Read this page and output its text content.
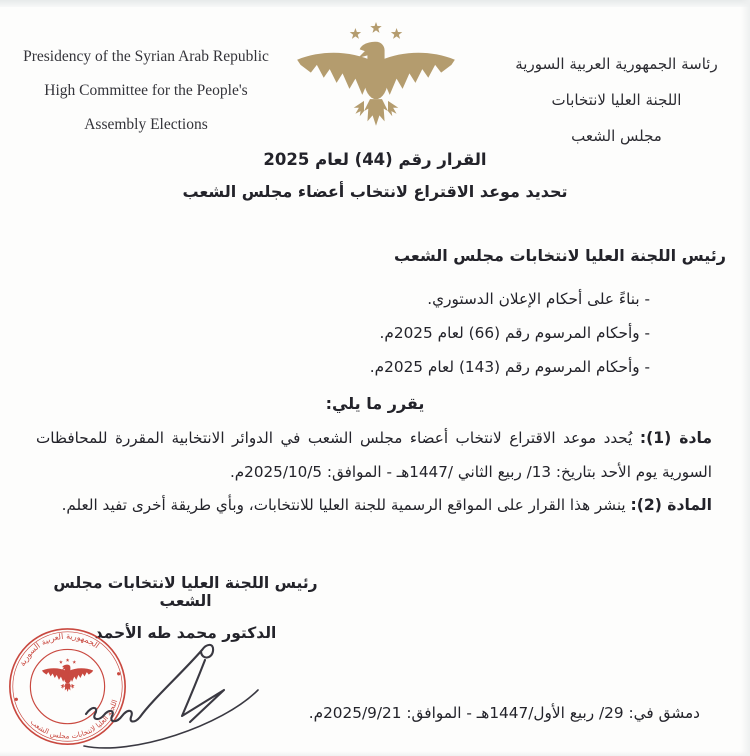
Presidency of the Syrian Arab Republic
High Committee for the People's
Assembly Elections
رئاسة الجمهورية العربية السورية
اللجنة العليا لانتخابات
مجلس الشعب
القرار رقم (44) لعام 2025
تحديد موعد الاقتراع لانتخاب أعضاء مجلس الشعب
رئيس اللجنة العليا لانتخابات مجلس الشعب
- بناءً على أحكام الإعلان الدستوري.
- وأحكام المرسوم رقم (66) لعام 2025م.
- وأحكام المرسوم رقم (143) لعام 2025م.
يقرر ما يلي:
مادة (1): يُحدد موعد الاقتراع لانتخاب أعضاء مجلس الشعب في الدوائر الانتخابية المقررة للمحافظات السورية يوم الأحد بتاريخ: 13/ ربيع الثاني /1447هـ - الموافق: 2025/10/5م.
المادة (2): ينشر هذا القرار على المواقع الرسمية للجنة العليا للانتخابات، وبأي طريقة أخرى تفيد العلم.
رئيس اللجنة العليا لانتخابات مجلس الشعب
الدكتور محمد طه الأحمد
الجمهورية العربية السورية
اللجنة العليا لانتخابات مجلس الشعب
دمشق في: 29/ ربيع الأول/1447هـ - الموافق: 2025/9/21م.
